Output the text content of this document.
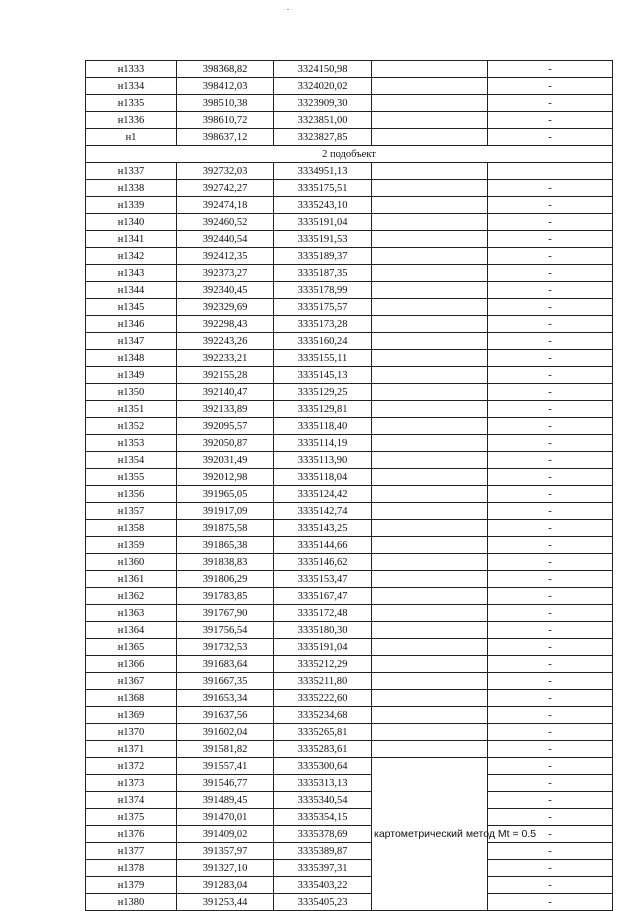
н1333	398368,82	3324150,98		-
н1334	398412,03	3324020,02		-
н1335	398510,38	3323909,30		-
н1336	398610,72	3323851,00		-
н1	398637,12	3323827,85		-
2 подобъект				
н1337	392732,03	3334951,13		
н1338	392742,27	3335175,51		-
н1339	392474,18	3335243,10		-
н1340	392460,52	3335191,04		-
н1341	392440,54	3335191,53		-
н1342	392412,35	3335189,37		-
н1343	392373,27	3335187,35		-
н1344	392340,45	3335178,99		-
н1345	392329,69	3335175,57		-
н1346	392298,43	3335173,28		-
н1347	392243,26	3335160,24		-
н1348	392233,21	3335155,11		-
н1349	392155,28	3335145,13		-
н1350	392140,47	3335129,25		-
н1351	392133,89	3335129,81		-
н1352	392095,57	3335118,40		-
н1353	392050,87	3335114,19		-
н1354	392031,49	3335113,90		-
н1355	392012,98	3335118,04		-
н1356	391965,05	3335124,42		-
н1357	391917,09	3335142,74		-
н1358	391875,58	3335143,25		-
н1359	391865,38	3335144,66		-
н1360	391838,83	3335146,62		-
н1361	391806,29	3335153,47		-
н1362	391783,85	3335167,47		-
н1363	391767,90	3335172,48		-
н1364	391756,54	3335180,30		-
н1365	391732,53	3335191,04		-
н1366	391683,64	3335212,29		-
н1367	391667,35	3335211,80		-
н1368	391653,34	3335222,60		-
н1369	391637,56	3335234,68		-
н1370	391602,04	3335265,81		-
н1371	391581,82	3335283,61		-
н1372	391557,41	3335300,64	картометрический метод Mt = 0.5	-
н1373	391546,77	3335313,13		-
н1374	391489,45	3335340,54		-
н1375	391470,01	3335354,15		-
н1376	391409,02	3335378,69		-
н1377	391357,97	3335389,87		-
н1378	391327,10	3335397,31		-
н1379	391283,04	3335403,22		-
н1380	391253,44	3335405,23		-
